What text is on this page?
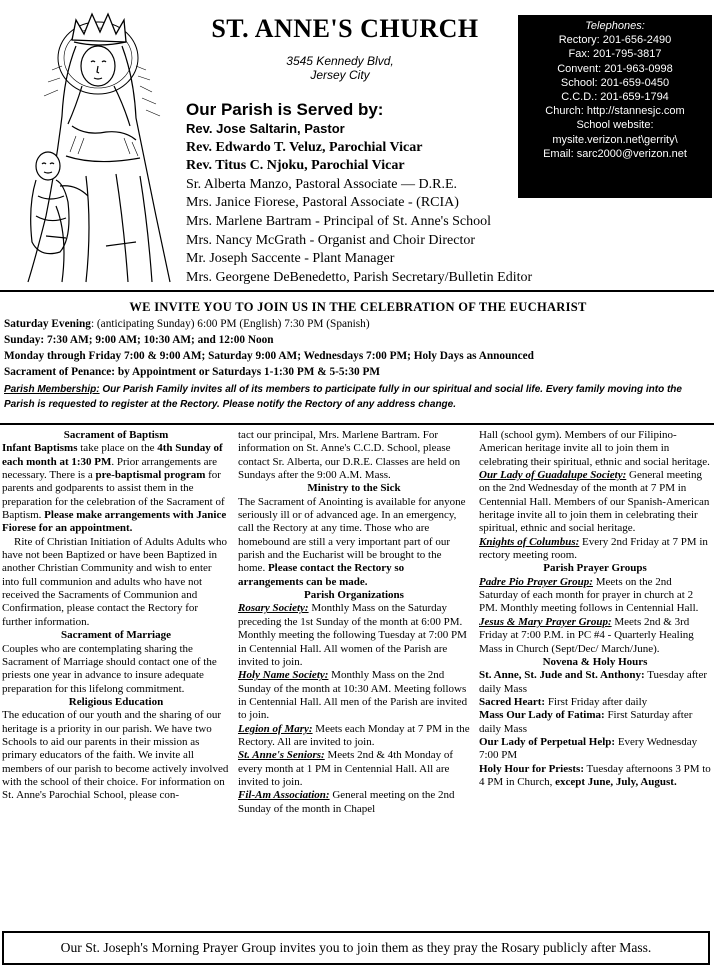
ST. ANNE'S CHURCH
3545 Kennedy Blvd,
Jersey City
Our Parish is Served by:
Rev. Jose Saltarin, Pastor
Rev. Edwardo T. Veluz, Parochial Vicar
Rev. Titus C. Njoku, Parochial Vicar
Sr. Alberta Manzo, Pastoral Associate — D.R.E.
Mrs. Janice Fiorese, Pastoral Associate - (RCIA)
Mrs. Marlene Bartram - Principal of St. Anne's School
Mrs. Nancy McGrath - Organist and Choir Director
Mr. Joseph Saccente - Plant Manager
Mrs. Georgene DeBenedetto, Parish Secretary/Bulletin Editor
Telephones:
Rectory: 201-656-2490
Fax: 201-795-3817
Convent: 201-963-0998
School: 201-659-0450
C.C.D.: 201-659-1794
Church: http://stannesjc.com
School website:
mysite.verizon.net\gerrity\
Email: sarc2000@verizon.net
WE INVITE YOU TO JOIN US IN THE CELEBRATION OF THE EUCHARIST
Saturday Evening: (anticipating Sunday) 6:00 PM (English) 7:30 PM (Spanish)
Sunday: 7:30 AM; 9:00 AM; 10:30 AM; and 12:00 Noon
Monday through Friday 7:00 & 9:00 AM; Saturday 9:00 AM; Wednesdays 7:00 PM; Holy Days as Announced
Sacrament of Penance: by Appointment or Saturdays 1-1:30 PM & 5-5:30 PM
Parish Membership: Our Parish Family invites all of its members to participate fully in our spiritual and social life. Every family moving into the Parish is requested to register at the Rectory. Please notify the Rectory of any address change.

Sacrament of Baptism

Infant Baptisms take place on the 4th Sunday of each month at 1:30 PM. Prior arrangements are necessary. There is a pre-baptismal program for parents and godparents to assist them in the preparation for the celebration of the Sacrament of Baptism. Please make arrangements with Janice Fiorese for an appointment.

Rite of Christian Initiation of Adults Adults who have not been Baptized or have been Baptized in another Christian Community and wish to enter into full communion and adults who have not received the Sacraments of Communion and Confirmation, please contact the Rectory for further information.

Sacrament of Marriage

Couples who are contemplating sharing the Sacrament of Marriage should contact one of the priests one year in advance to insure adequate preparation for this lifelong commitment.

Religious Education

The education of our youth and the sharing of our heritage is a priority in our parish. We have two Schools to aid our parents in their mission as primary educators of the faith. We invite all members of our parish to become actively involved with the school of their choice. For information on St. Anne's Parochial School, please con-

tact our principal, Mrs. Marlene Bartram. For information on St. Anne's C.C.D. School, please contact Sr. Alberta, our D.R.E. Classes are held on Sundays after the 9:00 A.M. Mass.

Ministry to the Sick

The Sacrament of Anointing is available for anyone seriously ill or of advanced age. In an emergency, call the Rectory at any time. Those who are homebound are still a very important part of our parish and the Eucharist will be brought to the home. Please contact the Rectory so arrangements can be made.

Parish Organizations

Rosary Society: Monthly Mass on the Saturday preceding the 1st Sunday of the month at 6:00 PM. Monthly meeting the following Tuesday at 7:00 PM in Centennial Hall. All women of the Parish are invited to join.

Holy Name Society: Monthly Mass on the 2nd Sunday of the month at 10:30 AM. Meeting follows in Centennial Hall. All men of the Parish are invited to join.

Legion of Mary: Meets each Monday at 7 PM in the Rectory. All are invited to join.

St. Anne's Seniors: Meets 2nd & 4th Monday of every month at 1 PM in Centennial Hall. All are invited to join.

Fil-Am Association: General meeting on the 2nd Sunday of the month in Chapel

Hall (school gym). Members of our Filipino-American heritage invite all to join them in celebrating their spiritual, ethnic and social heritage.

Our Lady of Guadalupe Society: General meeting on the 2nd Wednesday of the month at 7 PM in Centennial Hall. Members of our Spanish-American heritage invite all to join them in celebrating their spiritual, ethnic and social heritage.

Knights of Columbus: Every 2nd Friday at 7 PM in rectory meeting room.

Parish Prayer Groups

Padre Pio Prayer Group: Meets on the 2nd Saturday of each month for prayer in church at 2 PM. Monthly meeting follows in Centennial Hall.

Jesus & Mary Prayer Group: Meets 2nd & 3rd Friday at 7:00 P.M. in PC #4 - Quarterly Healing Mass in Church (Sept/Dec/ March/June).

Novena & Holy Hours

St. Anne, St. Jude and St. Anthony: Tuesday after daily Mass

Sacred Heart: First Friday after daily

Mass Our Lady of Fatima: First Saturday after daily Mass

Our Lady of Perpetual Help: Every Wednesday 7:00 PM

Holy Hour for Priests: Tuesday afternoons 3 PM to 4 PM in Church, except June, July, August.

Our St. Joseph's Morning Prayer Group invites you to join them as they pray the Rosary publicly after Mass.
